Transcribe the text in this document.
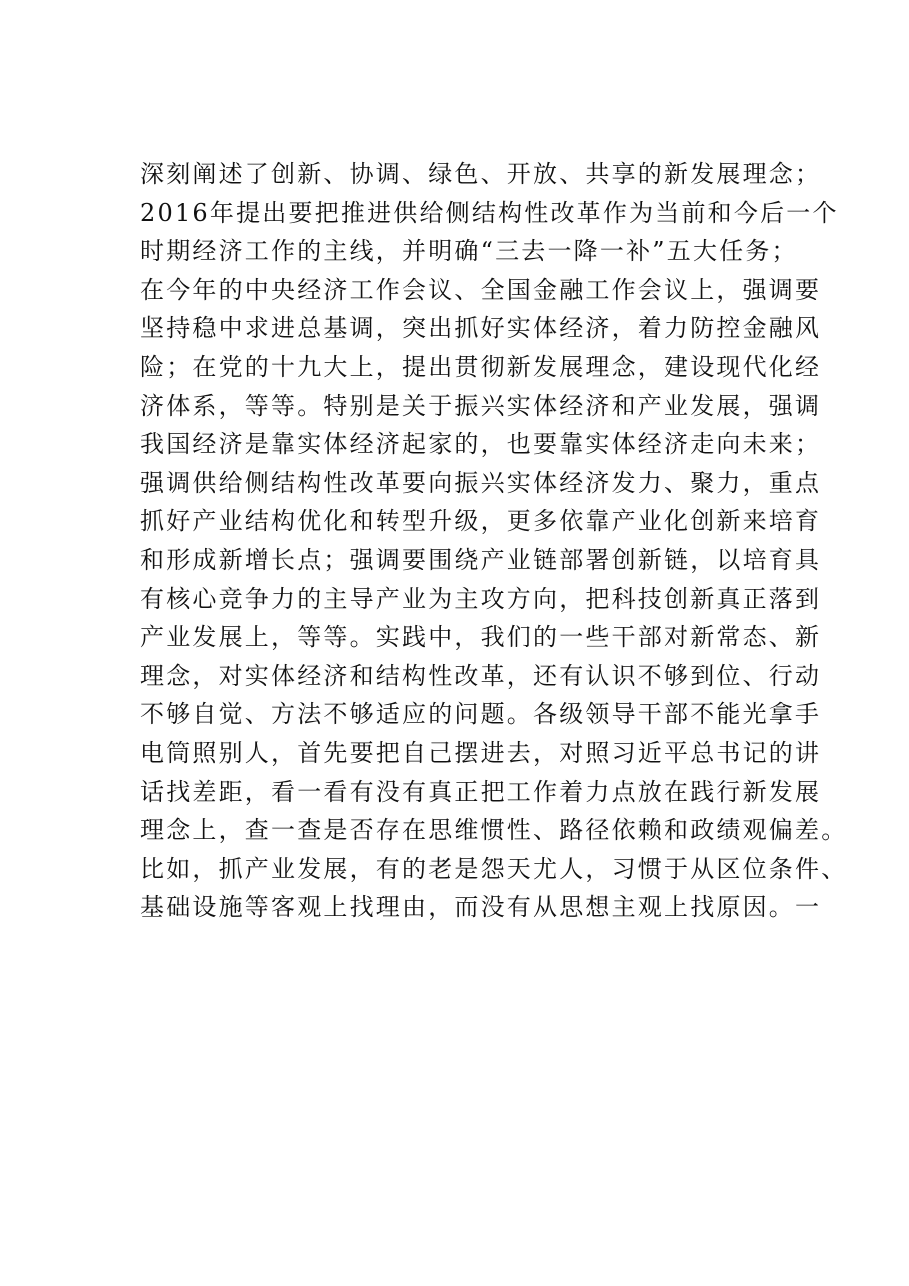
深刻阐述了创新、协调、绿色、开放、共享的新发展理念；
2016年提出要把推进供给侧结构性改革作为当前和今后一个
时期经济工作的主线，并明确“三去一降一补”五大任务；
在今年的中央经济工作会议、全国金融工作会议上，强调要
坚持稳中求进总基调，突出抓好实体经济，着力防控金融风
险；在党的十九大上，提出贯彻新发展理念，建设现代化经
济体系，等等。特别是关于振兴实体经济和产业发展，强调
我国经济是靠实体经济起家的，也要靠实体经济走向未来；
强调供给侧结构性改革要向振兴实体经济发力、聚力，重点
抓好产业结构优化和转型升级，更多依靠产业化创新来培育
和形成新增长点；强调要围绕产业链部署创新链，以培育具
有核心竞争力的主导产业为主攻方向，把科技创新真正落到
产业发展上，等等。实践中，我们的一些干部对新常态、新
理念，对实体经济和结构性改革，还有认识不够到位、行动
不够自觉、方法不够适应的问题。各级领导干部不能光拿手
电筒照别人，首先要把自己摆进去，对照习近平总书记的讲
话找差距，看一看有没有真正把工作着力点放在践行新发展
理念上，查一查是否存在思维惯性、路径依赖和政绩观偏差。
比如，抓产业发展，有的老是怨天尤人，习惯于从区位条件、
基础设施等客观上找理由，而没有从思想主观上找原因。一
